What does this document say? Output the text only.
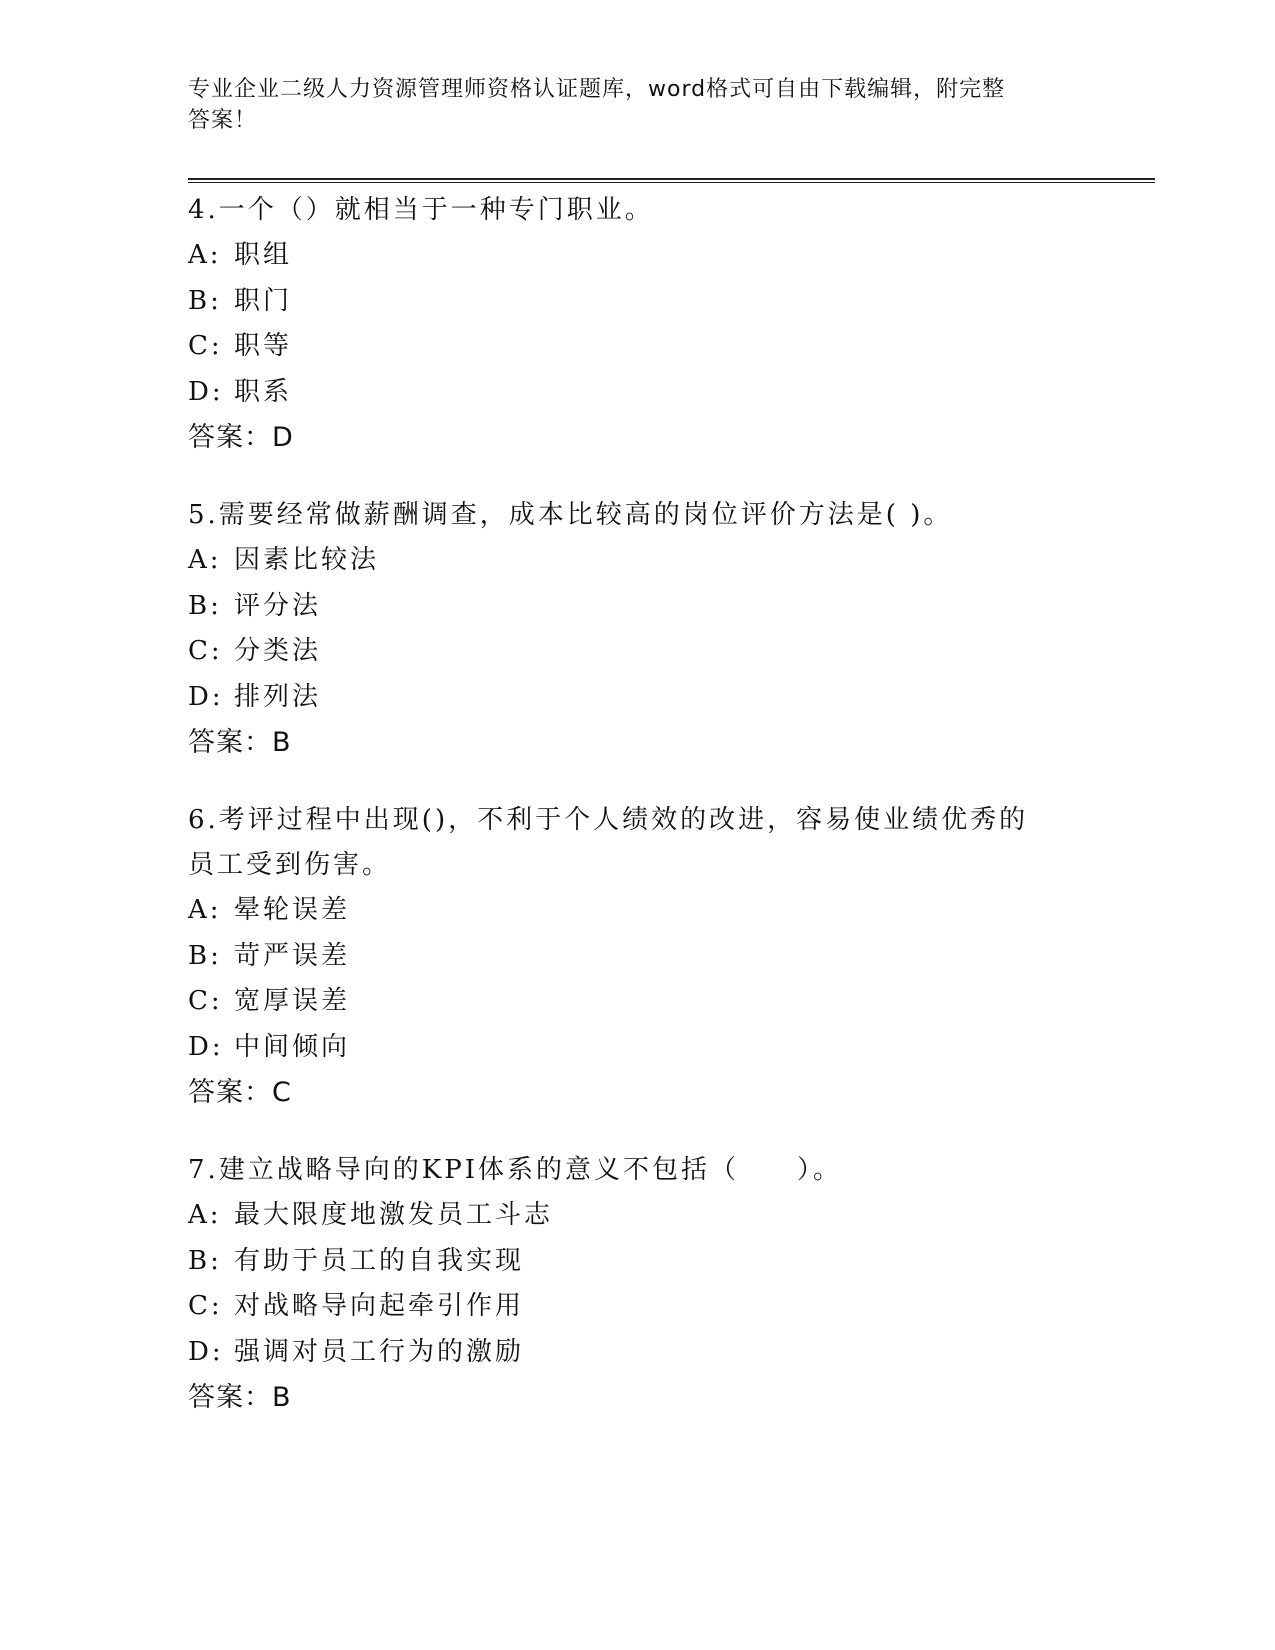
专业企业二级人力资源管理师资格认证题库，word格式可自由下载编辑，附完整
答案！

4.一个（）就相当于一种专门职业。

A: 职组

B: 职门

C: 职等

D: 职系

答案：D

5.需要经常做薪酬调查，成本比较高的岗位评价方法是( )。

A: 因素比较法

B: 评分法

C: 分类法

D: 排列法

答案：B

6.考评过程中出现()，不利于个人绩效的改进，容易使业绩优秀的员工受到伤害。

A: 晕轮误差

B: 苛严误差

C: 宽厚误差

D: 中间倾向

答案：C

7.建立战略导向的KPI体系的意义不包括（　　）。

A: 最大限度地激发员工斗志

B: 有助于员工的自我实现

C: 对战略导向起牵引作用

D: 强调对员工行为的激励

答案：B
